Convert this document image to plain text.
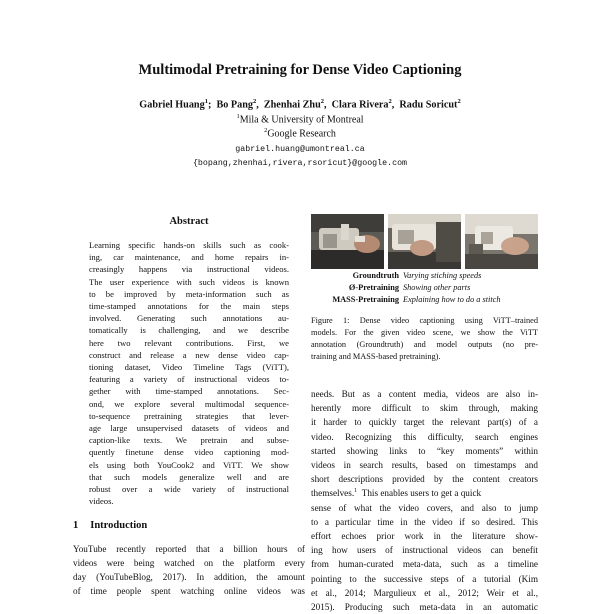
Multimodal Pretraining for Dense Video Captioning
Gabriel Huang$^1$;  Bo Pang$^2$,  Zhenhai Zhu$^2$,  Clara Rivera$^2$,  Radu Soricut$^2$
$^1$Mila & University of Montreal
$^2$Google Research
gabriel.huang@umontreal.ca
{bopang,zhenhai,rivera,rsoricut}@google.com
Abstract
Learning specific hands-on skills such as cook-
ing, car maintenance, and home repairs in-
creasingly happens via instructional videos.
The user experience with such videos is known
to be improved by meta-information such as
time-stamped annotations for the main steps
involved. Generating such annotations au-
tomatically is challenging, and we describe
here two relevant contributions. First, we
construct and release a new dense video cap-
tioning dataset, Video Timeline Tags (ViTT),
featuring a variety of instructional videos to-
gether with time-stamped annotations. Sec-
ond, we explore several multimodal sequence-
to-sequence pretraining strategies that lever-
age large unsupervised datasets of videos and
caption-like texts. We pretrain and subse-
quently finetune dense video captioning mod-
els using both YouCook2 and ViTT. We show
that such models generalize well and are
robust over a wide variety of instructional
videos.
1 Introduction
YouTube recently reported that a billion hours of
videos were being watched on the platform every
day (YouTubeBlog, 2017). In addition, the amount
of time people spent watching online videos was
Groundtruth Varying stiching speeds
Ø-Pretraining Showing other parts
MASS-Pretraining Explaining how to do a stitch
Figure 1: Dense video captioning using ViTT–trained
models. For the given video scene, we show the ViTT
annotation (Groundtruth) and model outputs (no pre-
training and MASS-based pretraining).
needs. But as a content media, videos are also in-
herently more difficult to skim through, making
it harder to quickly target the relevant part(s) of a
video. Recognizing this difficulty, search engines
started showing links to “key moments” within
videos in search results, based on timestamps and
short descriptions provided by the content creators
themselves.$^1$ This enables users to get a quick
sense of what the video covers, and also to jump
to a particular time in the video if so desired. This
effort echoes prior work in the literature show-
ing how users of instructional videos can benefit
from human-curated meta-data, such as a timeline
pointing to the successive steps of a tutorial (Kim
et al., 2014; Margulieux et al., 2012; Weir et al.,
2015). Producing such meta-data in an automatic
